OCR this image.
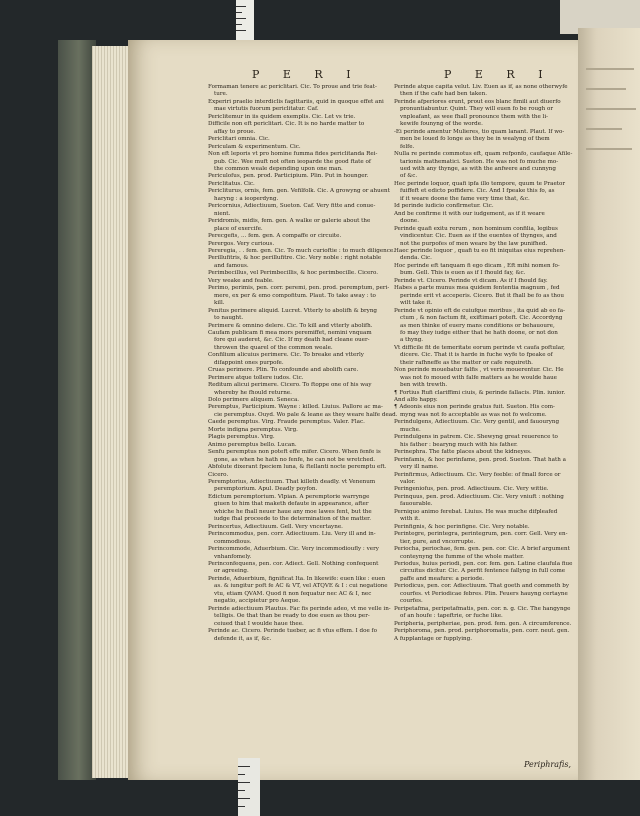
P E R I	P E R I

Formaman tenere ac periclitari. Cic. To proue and trie feat-

ture.

Experiri praelio interdiclis fagittariis, quid in quoque effet ani

mae virtutis fuorum periclitatur. Caf.

Periclitemur in iis quidem exemplis. Cic. Let vs trie.

Difficile non eft periclitari. Cic. It is no harde matter to

affay to proue.

Periclitari omnia. Cic.

Periculam & experimentum. Cic.

Non eft leporis vt pro homine fumma fides periclitanda Rei-

pub. Cic. Wee muft not often ieoparde the good ftate of

the common weale depending upon one man.

Periculofus, pen. prod. Participium. Plin. Put in hounger.

Periclitatus. Cic.

Pericliturus, ornis, fem. gen. Vefilfolk. Cic. A growyng or ahuent

haryng : a ieoperdyng.

Pericornius, Adiectiuum, Sueton. Caf. Very fitte and conue-

nient.

Peridromis, midis, fem. gen. A walke or galerie about the

place of exercife.

Perecgefis, ... fem. gen. A compaffe or circuite.

Perergos. Very curious.

Pereregia, . . fem. gen. Cic. To much curioftie : to much diligence.

Perillufitris, & hoc perillufitre. Cic. Very noble : right notable

and famous.

Perimbecillus, vel Perimbecillis, & hoc perimbecille. Cicero.

Very weake and feable.

Perimo, perimis, pen. corr. peremi, pen. prod. peremptum, peri-

mere, ex per & emo compofitum. Plaut. To take away : to

kill.

Penitus perimere aliquid. Lucret. Vtterly to abolifh & bryng

to naught.

Perimere & omnino delere. Cic. To kill and vtterly abolifh.

Caufam publicam fi mea mors peremiffet, nemini vnquam

fore qui auderet, &c. Cic. If my death had cleane ouer-

throwen the quarel of the common weale.

Confilium alicuius perimere. Cic. To breake and vtterly

difappoint ones purpofe.

Cruas perimere. Plin. To confounde and abolifh care.

Perimere atque tollere iudos. Cic.

Reditum alicui perimere. Cicero. To ftoppe one of his way

whereby he fhould returne.

Dolo perimere aliquem. Seneca.

Peremptus, Participium. Wayne : killed. Liuius. Pallore ac ma-

cie peremptus. Ouyd. Wo pale & leane as they weare halfe dead.

Caede peremptus. Virg. Fraude peremptus. Valer. Flac.

Morte indigna peremptus. Virg.

Plagis peremptus. Virg.

Animo peremptus bello. Lucan.

Senfu peremptus non poteft effe mifer. Cicero. When fenfe is

gone, as when he hath no fenfe, he can not be wretched.

Abfolute dixerant fpeciem luna, & ftellanti nocte peremptu eft.

Cicero.

Peremptorius, Adiectiuum. That killeth deadly. vt Venenum

peremptorium. Apul. Deadly poyfon.

Edictum peremptorium. Vlpian. A peremptorie warrynge

giuen to him that maketh defaute in appearance, after

whiche he fhall neuer haue any moe lawes fent, but the

iudge fhal proceede to the determination of the matter.

Perincertus, Adiectiuum. Gell. Very vncertayne.

Perincommodus, pen. corr. Adiectiuum. Liu. Very ill and in-

commodious.

Perincommode, Aduerbium. Cic. Very incommodioufly : very

vnhanfomely.

Perinconfequens, pen. cor. Adiect. Gell. Nothing confequent

or agreeing.

Perinde, Aduerbium, fignificat Ita. In likewife: euen like : euen

as. & iungitur poft fe AC & VT, vel ATQVE & I : cui negatione

vtu, etiam QVAM. Quod fi non fequatur nec AC & I, nec

negatio, accipietur pro Aeque.

Perinde adiectiuum Plautus. Fac fis perinde adeo, vt me velle in-

telligis. Oe that than be ready to doe euen as thou per-

ceiued that I woulde haue thee.

Perinde ac. Cicero. Perinde tueber, ac fi vfus effem. I doe fo

defende it, as if, &c.

Perinde atque capita velut. Liv. Euen as if, as none otherwyfe

then if the cafe had ben taken.

Perinde afperiores erunt, prout eos blanc fimili aut diuerfo

pronuntiabuntur. Quint. They will euen fo be rough or

vnpleafant, as wee fhall pronounce them with the li-

kewife founyng of the worde.

-Ei perinde amentur Mulieres, tio quam lanant. Plaut. If wo-

men be loued fo longe as they be in wealyng of them

felfe.

Nulla re perinde commotus eft, quam refponfo, caufaque Afile-

tarionis mathematici. Sueton. He was not fo muche mo-

ued with any thynge, as with the anfwere and cunnyng

of &c.

Hec perinde loquor, quafi ipfa illo tempore, quum te Praetor

fuiffeft et edicto poffidere. Cic. And I fpeake this fo, as

if it weare doone the fame very time that, &c.

Id perinde iudicio conflrmetur. Cic.

And be confirme it with our iudgement, as if it weare

doone.

Perinde quafi exitu rerum , non hominum confilia, legibus

vindicentur. Cic. Euen as if the euentes of thynges, and

not the purpofes of men weare by the law punifhed.

Haec perinde loquor , quafi tu eo fit iniquitas eius reprehen-

denda. Cic.

Hoc perinde eft tanquam fi ego dicam , Eft mihi nomen fo-

bum. Gell. This is euen as if I fhould fay, &c.

Perinde vt. Cicero. Perinde vt dicam. As if I fhould fay.

Habes a parte munus mea quidem fententia magnum , fed

perinde erit vt acceperis. Cicero. But it fhall be fo as thou

wilt take it.

Perinde vt opinio eft de cuiufque moribus , ita quid ab eo fa-

ctum , & non factum fit, exiftimari poteft. Cic. Accordyng

as men thinke of euery mans conditions or behauoure,

fo may they iudge either that he hath doone, or not don

a thyng.

Vt difficile fit de temeritate eorum perinde vt caufa poftular,

dicere. Cic. That it is harde in fuche wyfe to fpeake of

their rafhneffe as the matter or cafe requireth.

Non perinde mouebatur falfis , vt veris mouerentur. Cic. He

was not fo moued with falfe matters as he woulde haue

ben with trewth.

¶ Fortius Rufi clariffimi ciuis, & perinde fallacis. Plin. iunior.

And alfo happy.

¶ Adeonis eius non perinde gratus fuit. Sueton. His com-

myng was not fo acceptable as was not fo welcome.

Perindulgens, Adiectiuum. Cic. Very gentil, and fauouryng

muche.

Perindulgens in patrem. Cic. Shewyng great reuerence to

his father : bearyng much with his father.

Perinephra. The fatte places about the kidneyes.

Perinfamis, & hoc perinfame, pen. prod. Sueton. That hath a

very ill name.

Perinfirmus, Adiectiuum. Cic. Very feeble: of fmall force or

valor.

Peringeniofus, pen. prod. Adiectiuum. Cic. Very wittie.

Perinquus, pen. prod. Adiectiuum. Cic. Very vniuft : nothing

fauourable.

Perniquo animo ferebat. Liuius. He was muche difpleafed

with it.

Perinfignis, & hoc perinfigne. Cic. Very notable.

Perintegre, perintegra, perintegrum, pen. corr. Gell. Very en-

tier, pure, and vncorrupte.

Periocha, periochae, fem. gen. pen. cor. Cic. A brief argument

conteynyng the fumme of the whole matter.

Periodus, huius periodi, pen. cor. fem. gen. Latine claufula fiue

circuitus dicitur. Cic. A perfit fentence fallyng in full come

paffe and meafure: a periode.

Periodicus, pen. cor. Adiectiuum. That goeth and commeth by

courfes. vt Periodicae febres. Plin. Feuers hauyng certayne

courfes.

Peripetafma, peripetafmatis, pen. cor. n. g. Cic. The hangynge

of an houfe : tapeftrie, or fuche like.

Peripheria, peripheriae, pen. prod. fem. gen. A circumference.

Periphoroma, pen. prod. periphoromatis, pen. corr. neut. gen.

A fupplantage or fupplying.

Periphrafis,
